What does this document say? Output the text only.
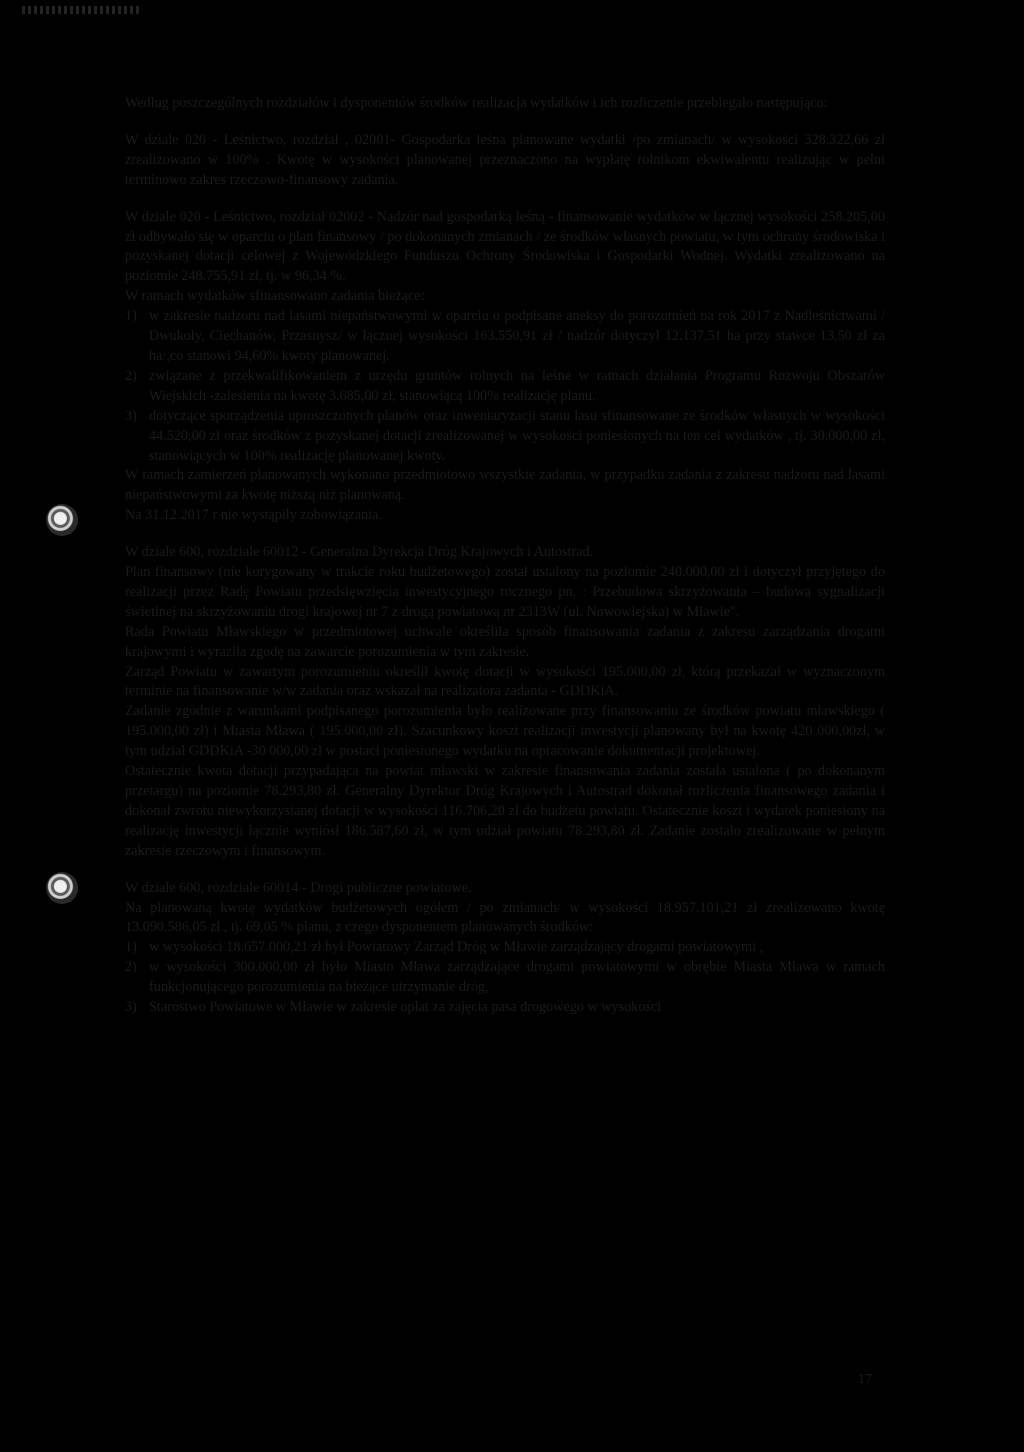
Według poszczególnych rozdziałów i dysponentów środków realizacja wydatków i ich rozliczenie przebiegało następująco:

W dziale 020 - Leśnictwo, rozdział , 02001- Gospodarka leśna planowane wydatki /po zmianach/ w wysokości 328.322,66 zł zrealizowano w 100% . Kwotę w wysokości planowanej przeznaczono na wypłatę rolnikom ekwiwalentu realizując w pełni terminowo zakres rzeczowo-finansowy zadania.

W dziale 020 - Leśnictwo, rozdział 02002 - Nadzór nad gospodarką leśną - finansowanie wydatków w łącznej wysokości 258.205,00 zł odbywało się w oparciu o plan finansowy / po dokonanych zmianach / ze środków własnych powiatu, w tym ochrony środowiska i pozyskanej dotacji celowej z Wojewódzkiego Funduszu Ochrony Środowiska i Gospodarki Wodnej. Wydatki zrealizowano na poziomie 248.755,91 zł, tj. w 96,34 %.

W ramach wydatków sfinansowano zadania bieżące:

1) w zakresie nadzoru nad lasami niepaństwowymi w oparciu o podpisane aneksy do porozumień na rok 2017 z Nadleśnictwami / Dwukoły, Ciechanów, Przasnysz/ w łącznej wysokości 163.550,91 zł / nadzór dotyczył 12.137,51 ha przy stawce 13,50 zł za ha/,co stanowi 94,60% kwoty planowanej.
2) związane z przekwalifikowaniem z urzędu gruntów rolnych na leśne w ramach działania Programu Rozwoju Obszarów Wiejskich -zalesienia na kwotę 3.685,00 zł, stanowiącą 100% realizację planu.
3) dotyczące sporządzenia uproszczonych planów oraz inwentaryzacji stanu lasu sfinansowane ze środków własnych w wysokości 44.520,00 zł oraz środków z pozyskanej dotacji zrealizowanej w wysokości poniesionych na ten cel wydatków , tj. 30.000,00 zł, stanowiących w 100% realizację planowanej kwoty.

W ramach zamierzeń planowanych wykonano przedmiotowo wszystkie zadania, w przypadku zadania z zakresu nadzoru nad lasami niepaństwowymi za kwotę niższą niż planowaną.

Na 31.12.2017 r nie wystąpiły zobowiązania.

W dziale 600, rozdziale 60012 - Generalna Dyrekcja Dróg Krajowych i Autostrad.

Plan finansowy (nie korygowany w trakcie roku budżetowego) został ustalony na poziomie 240.000,00 zł i dotyczył przyjętego do realizacji przez Radę Powiatu przedsięwzięcia inwestycyjnego rocznego pn. : Przebudowa skrzyżowania – budowa sygnalizacji świetlnej na skrzyżowaniu drogi krajowej nr 7 z drogą powiatową nr 2313W (ul. Nowowiejska) w Mławie".

Rada Powiatu Mławskiego w przedmiotowej uchwale określiła sposób finansowania zadania z zakresu zarządzania drogami krajowymi i wyraziła zgodę na zawarcie porozumienia w tym zakresie.

Zarząd Powiatu w zawartym porozumieniu określił kwotę dotacji w wysokości 195.000,00 zł, którą przekazał w wyznaczonym terminie na finansowanie w/w zadania oraz wskazał na realizatora zadania - GDDKiA.

Zadanie zgodnie z warunkami podpisanego porozumienia było realizowane przy finansowaniu ze środków powiatu mławskiego ( 195.000,00 zł) i Miasta Mława ( 195.000,00 zł). Szacunkowy koszt realizacji inwestycji planowany był na kwotę 420 000,00zł, w tym udział GDDKiA -30 000,00 zł w postaci poniesionego wydatku na opracowanie dokumentacji projektowej.

Ostatecznie kwota dotacji przypadająca na powiat mławski w zakresie finansowania zadania została ustalona ( po dokonanym przetargu) na poziomie 78.293,80 zł. Generalny Dyrektor Dróg Krajowych i Autostrad dokonał rozliczenia finansowego zadania i dokonał zwrotu niewykorzystanej dotacji w wysokości 116.706,20 zł do budżetu powiatu. Ostatecznie koszt i wydatek poniesiony na realizację inwestycji łącznie wyniósł 186.587,60 zł, w tym udział powiatu 78.293,80 zł. Zadanie zostało zrealizowane w pełnym zakresie rzeczowym i finansowym.

W dziale 600, rozdziale 60014 - Drogi publiczne powiatowe.

Na planowaną kwotę wydatków budżetowych ogółem / po zmianach/ w wysokości 18.957.101,21 zł zrealizowano kwotę 13.090.586,05 zł , tj. 69,05 % planu, z czego dysponentem planowanych środków:

1) w wysokości 18.657.000,21 zł był Powiatowy Zarząd Dróg w Mławie zarządzający drogami powiatowymi ,
2) w wysokości 300.000,00 zł było Miasto Mława zarządzające drogami powiatowymi w obrębie Miasta Mława w ramach funkcjonującego porozumienia na bieżące utrzymanie dróg,
3) Starostwo Powiatowe w Mławie w zakresie opłat za zajęcia pasa drogowego w wysokości
17
